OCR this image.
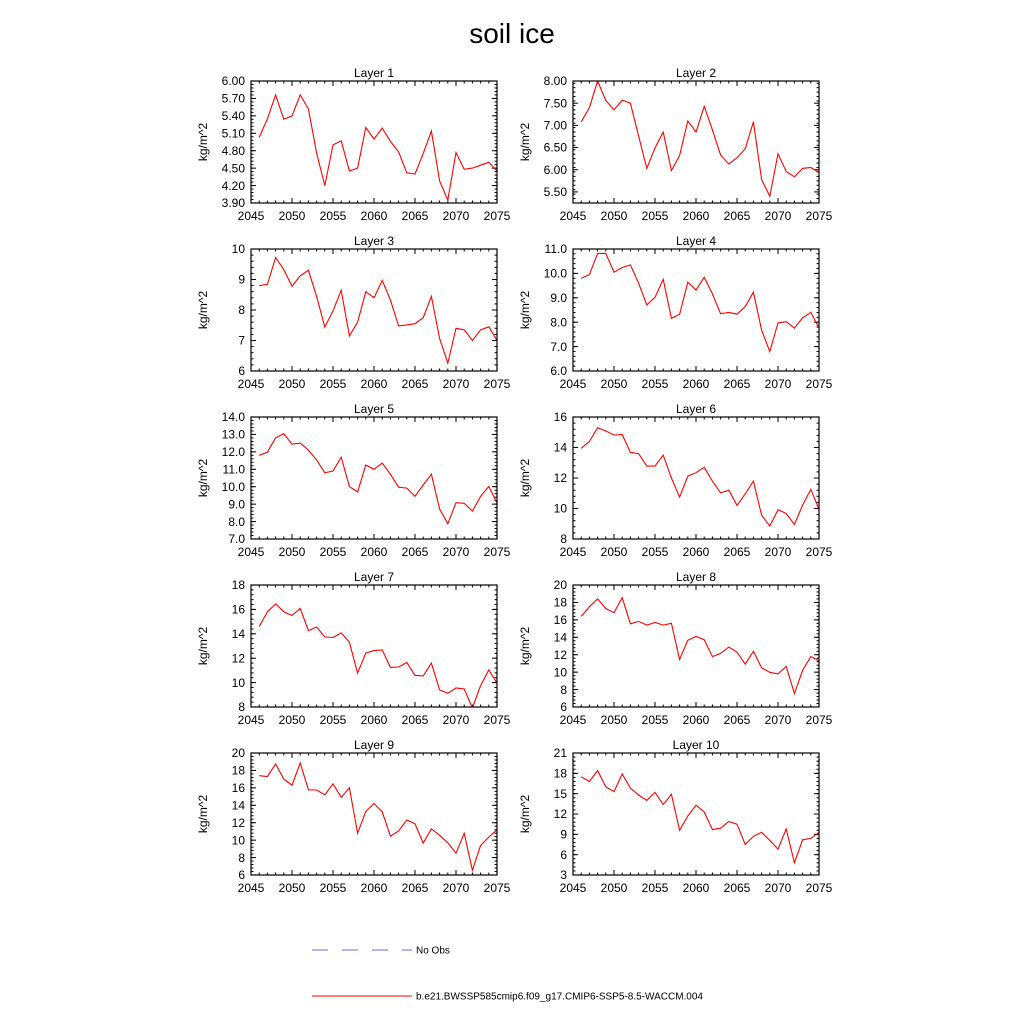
soil ice
Layer 1
kg/m^2
2045 2050 2055 2060 2065 2070 2075
3.90
4.20
4.50
4.80
5.10
5.40
5.70
6.00
Layer 2
kg/m^2
2045 2050 2055 2060 2065 2070 2075
5.50
6.00
6.50
7.00
7.50
8.00
Layer 3
kg/m^2
2045 2050 2055 2060 2065 2070 2075
6
7
8
9
10
Layer 4
kg/m^2
2045 2050 2055 2060 2065 2070 2075
6.0
7.0
8.0
9.0
10.0
11.0
Layer 5
kg/m^2
2045 2050 2055 2060 2065 2070 2075
7.0
8.0
9.0
10.0
11.0
12.0
13.0
14.0
Layer 6
kg/m^2
2045 2050 2055 2060 2065 2070 2075
8
10
12
14
16
Layer 7
kg/m^2
2045 2050 2055 2060 2065 2070 2075
8
10
12
14
16
18
Layer 8
kg/m^2
2045 2050 2055 2060 2065 2070 2075
6
8
10
12
14
16
18
20
Layer 9
kg/m^2
2045 2050 2055 2060 2065 2070 2075
6
8
10
12
14
16
18
20
Layer 10
kg/m^2
2045 2050 2055 2060 2065 2070 2075
3
6
9
12
15
18
21
No Obs
b.e21.BWSSP585cmip6.f09_g17.CMIP6-SSP5-8.5-WACCM.004
